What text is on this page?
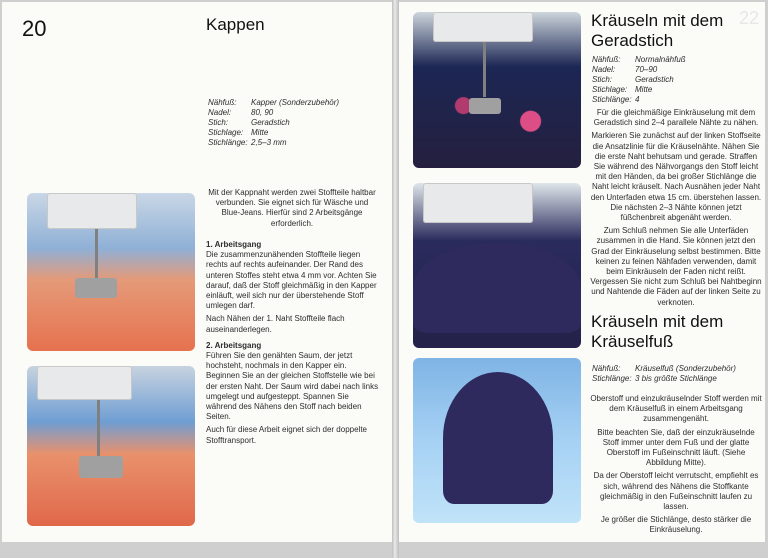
20	Kappen
Nähfuß:	Kapper (Sonderzubehör)
Nadel:	80, 90
Stich:	Geradstich
Stichlage: Mitte
Stichlänge: 2,5–3 mm

Mit der Kappnaht werden zwei Stoffteile haltbar verbunden. Sie eignet sich für Wäsche und Blue-Jeans. Hierfür sind 2 Arbeitsgänge erforderlich.

1. Arbeitsgang

Die zusammenzunähenden Stoffteile liegen rechts auf rechts aufeinander. Der Rand des unteren Stoffes steht etwa 4 mm vor. Achten Sie darauf, daß der Stoff gleichmäßig in den Kapper einläuft, weil sich nur der überstehende Stoff umlegen darf.

Nach Nähen der 1. Naht Stoffteile flach auseinanderlegen.

2. Arbeitsgang

Führen Sie den genähten Saum, der jetzt hochsteht, nochmals in den Kapper ein. Beginnen Sie an der gleichen Stoffstelle wie bei der ersten Naht. Der Saum wird dabei nach links umgelegt und aufgesteppt. Spannen Sie während des Nähens den Stoff nach beiden Seiten.

Auch für diese Arbeit eignet sich der doppelte Stofftransport.

22
Kräuseln mit dem Geradstich
Nähfuß:	Normalnähfuß
Nadel:	70–90
Stich:	Geradstich
Stichlage: Mitte
Stichlänge: 4

Für die gleichmäßige Einkräuselung mit dem Geradstich sind 2–4 parallele Nähte zu nähen.

Markieren Sie zunächst auf der linken Stoffseite die Ansatzlinie für die Kräuselnähte. Nähen Sie die erste Naht behutsam und gerade. Straffen Sie während des Nähvorgangs den Stoff leicht mit den Händen, da bei großer Stichlänge die Naht leicht kräuselt. Nach Ausnähen jeder Naht den Unterfaden etwa 15 cm. überstehen lassen. Die nächsten 2–3 Nähte können jetzt füßchenbreit abgenäht werden.

Zum Schluß nehmen Sie alle Unterfäden zusammen in die Hand. Sie können jetzt den Grad der Einkräuselung selbst bestimmen. Bitte keinen zu feinen Nähfaden verwenden, damit beim Einkräuseln der Faden nicht reißt. Vergessen Sie nicht zum Schluß bei Nahtbeginn und Nahtende die Fäden auf der linken Seite zu verknoten.

Kräuseln mit dem Kräuselfuß
Nähfuß:	Kräuselfuß (Sonderzubehör)
Stichlänge: 3 bis größte Stichlänge

Oberstoff und einzukräuselnder Stoff werden mit dem Kräuselfuß in einem Arbeitsgang zusammengenäht.

Bitte beachten Sie, daß der einzukräuselnde Stoff immer unter dem Fuß und der glatte Oberstoff im Fußeinschnitt läuft. (Siehe Abbildung Mitte).

Da der Oberstoff leicht verrutscht, empfiehlt es sich, während des Nähens die Stoffkante gleichmäßig in den Fußeinschnitt laufen zu lassen.

Je größer die Stichlänge, desto stärker die Einkräuselung.
